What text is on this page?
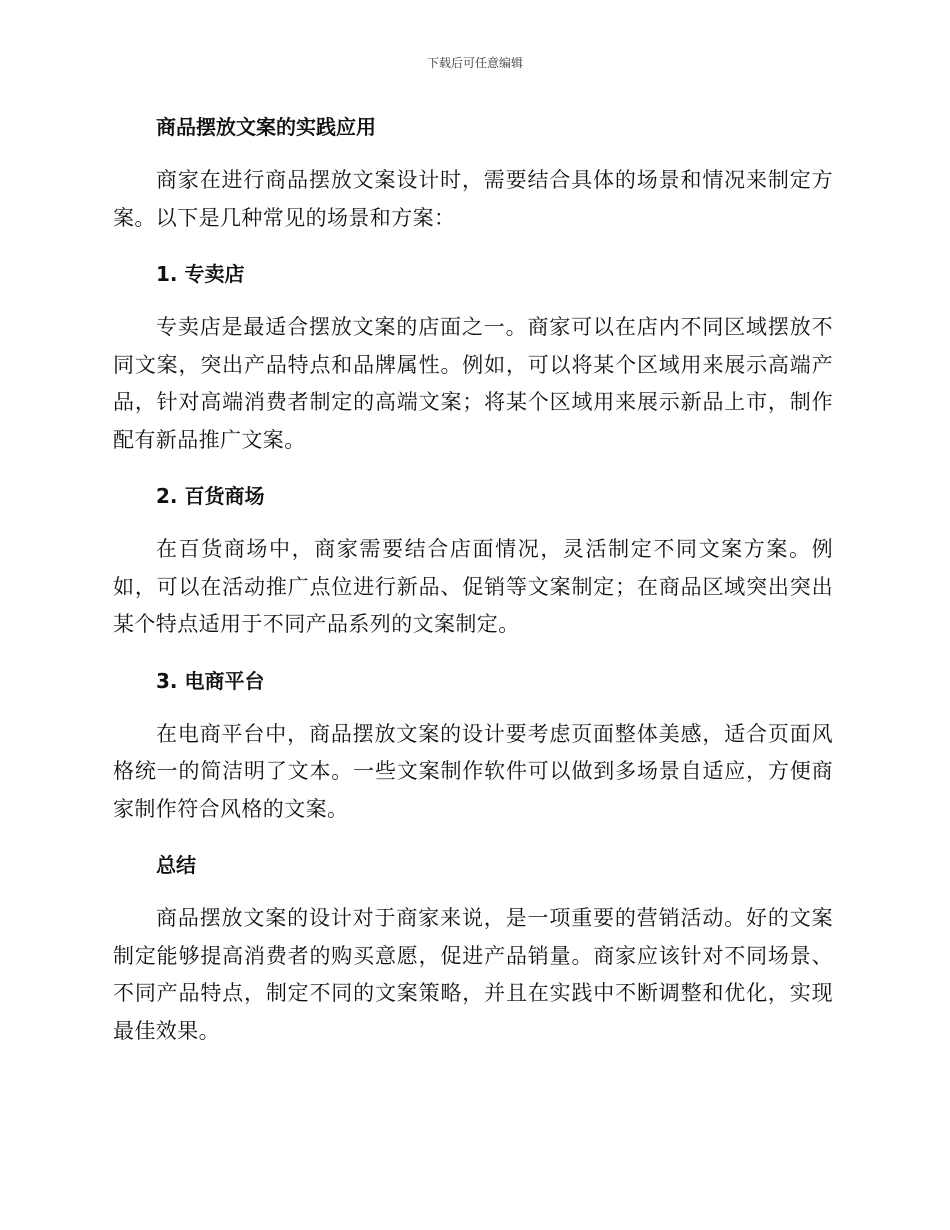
下载后可任意编辑
商品摆放文案的实践应用

商家在进行商品摆放文案设计时，需要结合具体的场景和情况来制定方案。以下是几种常见的场景和方案：

1. 专卖店

专卖店是最适合摆放文案的店面之一。商家可以在店内不同区域摆放不同文案，突出产品特点和品牌属性。例如，可以将某个区域用来展示高端产品，针对高端消费者制定的高端文案；将某个区域用来展示新品上市，制作配有新品推广文案。

2. 百货商场

在百货商场中，商家需要结合店面情况，灵活制定不同文案方案。例如，可以在活动推广点位进行新品、促销等文案制定；在商品区域突出突出某个特点适用于不同产品系列的文案制定。

3. 电商平台

在电商平台中，商品摆放文案的设计要考虑页面整体美感，适合页面风格统一的简洁明了文本。一些文案制作软件可以做到多场景自适应，方便商家制作符合风格的文案。

总结

商品摆放文案的设计对于商家来说，是一项重要的营销活动。好的文案制定能够提高消费者的购买意愿，促进产品销量。商家应该针对不同场景、不同产品特点，制定不同的文案策略，并且在实践中不断调整和优化，实现最佳效果。
